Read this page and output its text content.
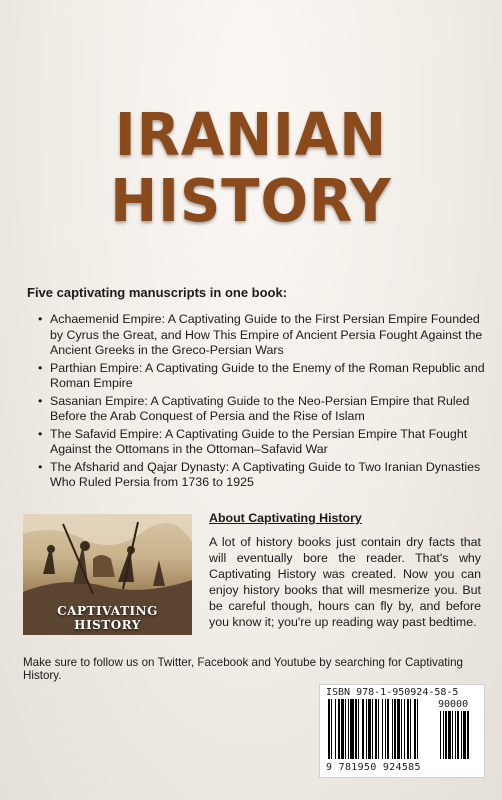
IRANIAN
HISTORY
Five captivating manuscripts in one book:
• Achaemenid Empire: A Captivating Guide to the First Persian Empire Founded by Cyrus the Great, and How This Empire of Ancient Persia Fought Against the Ancient Greeks in the Greco-Persian Wars
• Parthian Empire: A Captivating Guide to the Enemy of the Roman Republic and Roman Empire
• Sasanian Empire: A Captivating Guide to the Neo-Persian Empire that Ruled Before the Arab Conquest of Persia and the Rise of Islam
• The Safavid Empire: A Captivating Guide to the Persian Empire That Fought Against the Ottomans in the Ottoman–Safavid War
• The Afsharid and Qajar Dynasty: A Captivating Guide to Two Iranian Dynasties Who Ruled Persia from 1736 to 1925
CAPTIVATING HISTORY
About Captivating History
A lot of history books just contain dry facts that will eventually bore the reader. That's why Captivating History was created. Now you can enjoy history books that will mesmerize you. But be careful though, hours can fly by, and before you know it; you're up reading way past bedtime.
Make sure to follow us on Twitter, Facebook and Youtube by searching for Captivating History.
ISBN 978-1-950924-58-5
90000
9 781950 924585
